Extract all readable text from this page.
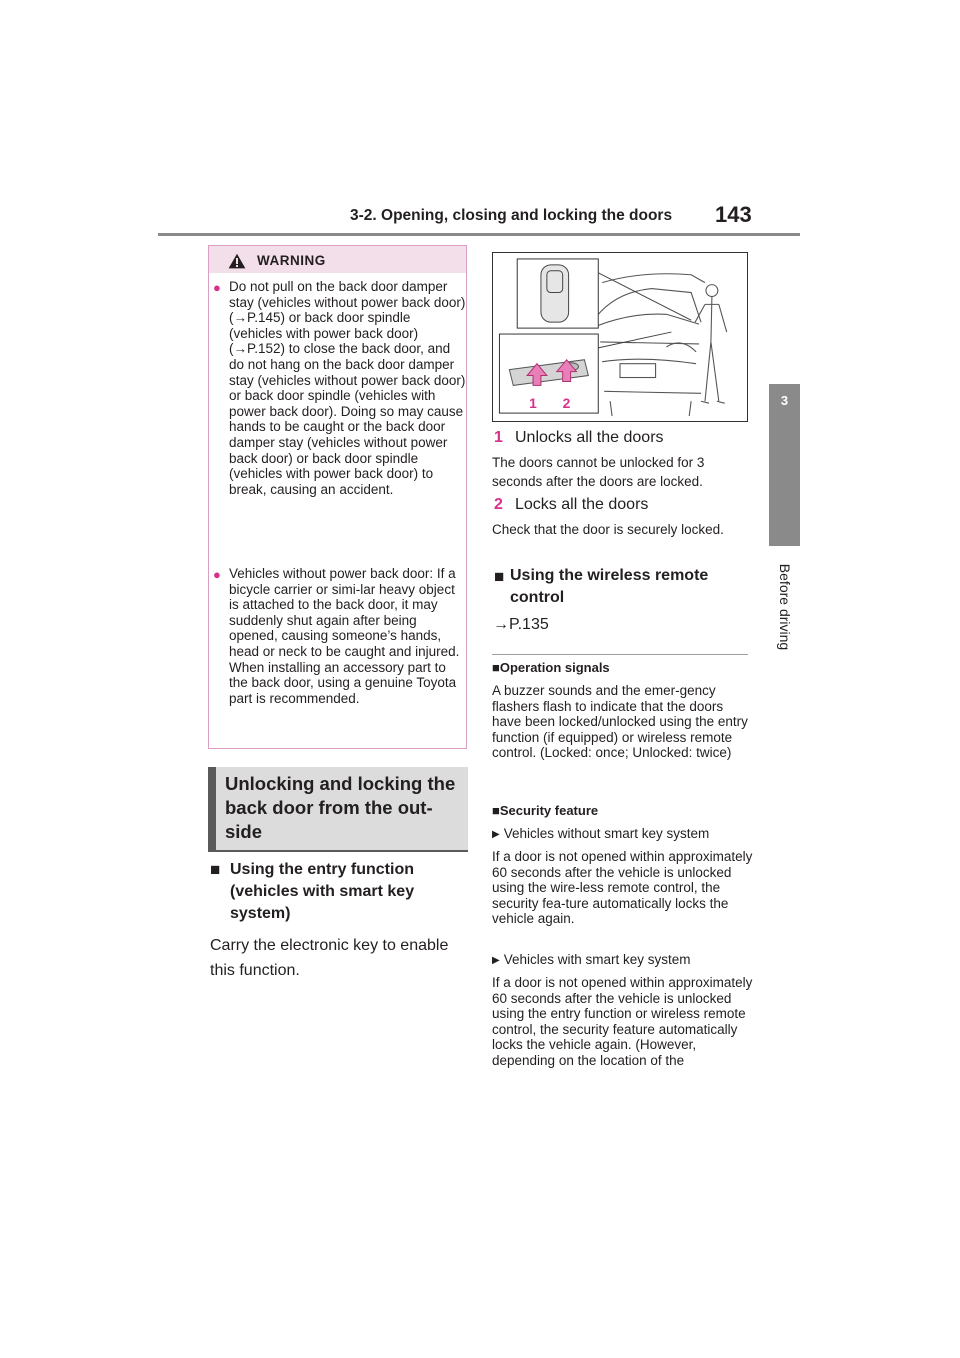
3-2. Opening, closing and locking the doors 143
3
Before driving
WARNING
● Do not pull on the back door damper stay (vehicles without power back door) (→P.145) or back door spindle (vehicles with power back door) (→P.152) to close the back door, and do not hang on the back door damper stay (vehicles without power back door) or back door spindle (vehicles with power back door). Doing so may cause hands to be caught or the back door damper stay (vehicles without power back door) or back door spindle (vehicles with power back door) to break, causing an accident.
● Vehicles without power back door: If a bicycle carrier or simi-lar heavy object is attached to the back door, it may suddenly shut again after being opened, causing someone’s hands, head or neck to be caught and injured. When installing an accessory part to the back door, using a genuine Toyota part is recommended.
Unlocking and locking the back door from the out-side
■ Using the entry function (vehicles with smart key system)
Carry the electronic key to enable this function.
1 2
1 Unlocks all the doors
The doors cannot be unlocked for 3 seconds after the doors are locked.
2 Locks all the doors
Check that the door is securely locked.
■ Using the wireless remote control
→P.135
■Operation signals
A buzzer sounds and the emer-gency flashers flash to indicate that the doors have been locked/unlocked using the entry function (if equipped) or wireless remote control. (Locked: once; Unlocked: twice)
■Security feature
▶ Vehicles without smart key system
If a door is not opened within approximately 60 seconds after the vehicle is unlocked using the wire-less remote control, the security fea-ture automatically locks the vehicle again.
▶ Vehicles with smart key system
If a door is not opened within approximately 60 seconds after the vehicle is unlocked using the entry function or wireless remote control, the security feature automatically locks the vehicle again. (However, depending on the location of the
